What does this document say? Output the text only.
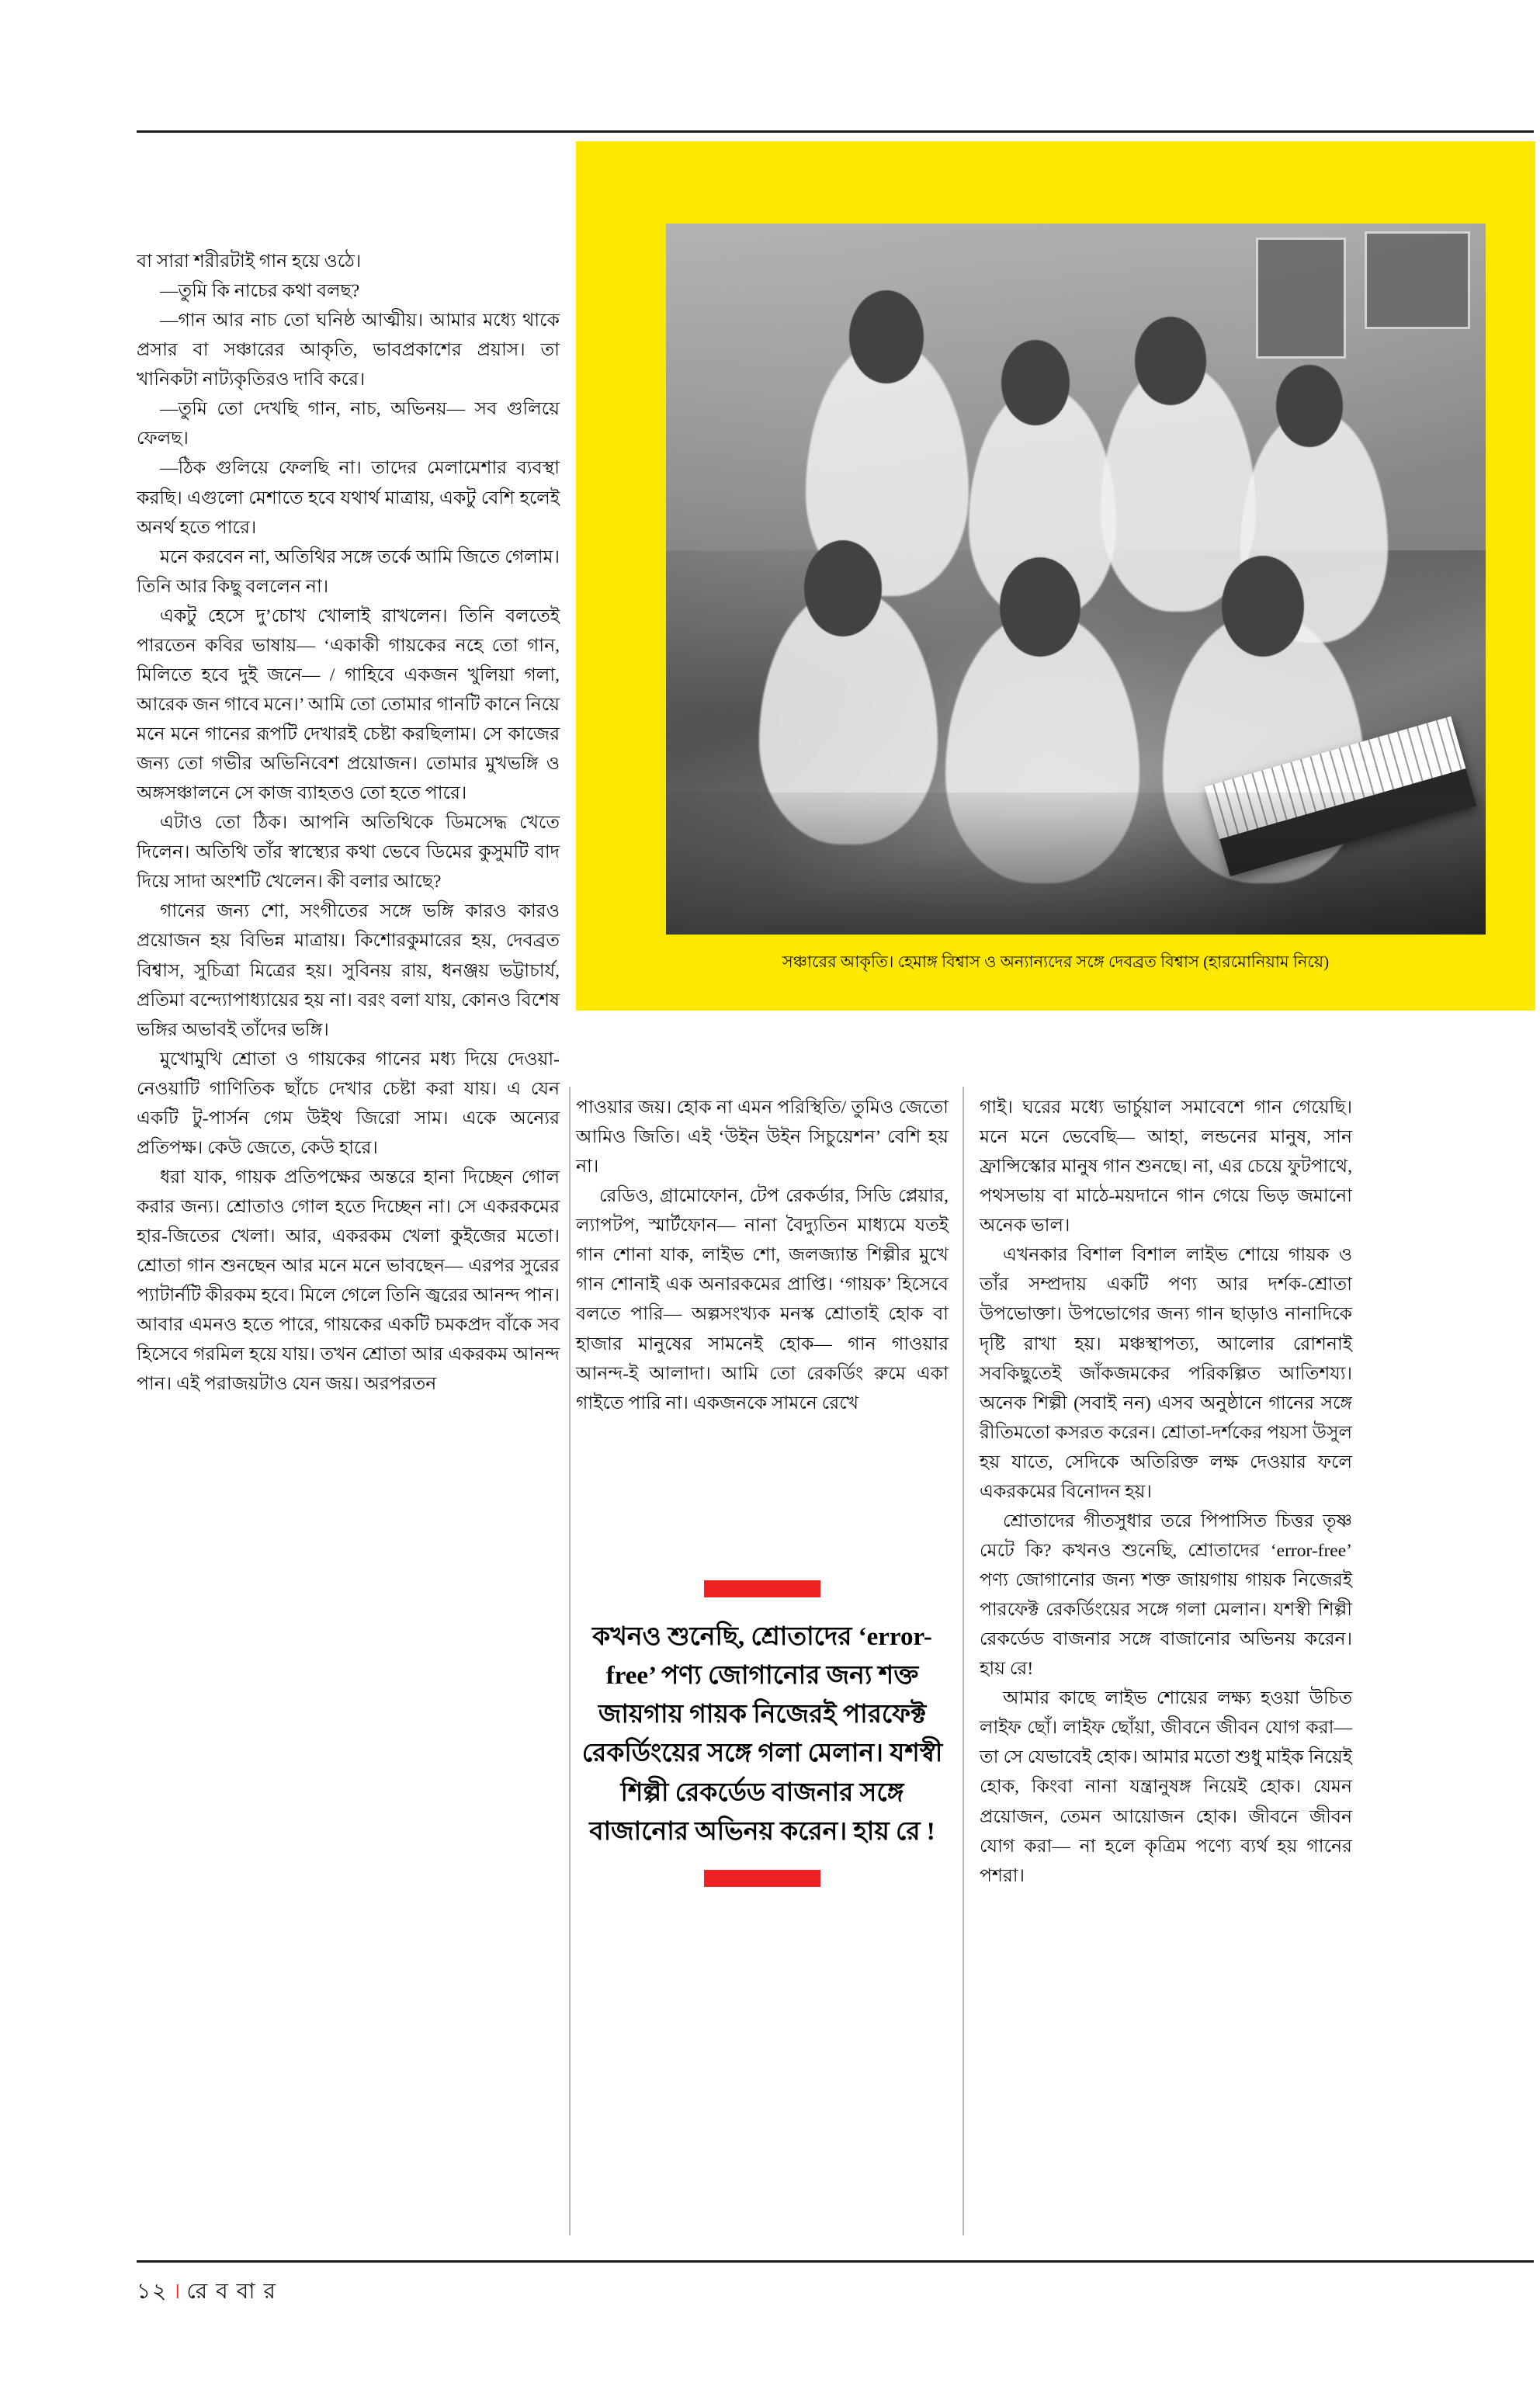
সঞ্চারের আকৃতি। হেমাঙ্গ বিশ্বাস ও অন্যান্যদের সঙ্গে দেবব্রত বিশ্বাস (হারমোনিয়াম নিয়ে)

বা সারা শরীরটাই গান হয়ে ওঠে।

—তুমি কি নাচের কথা বলছ?

—গান আর নাচ তো ঘনিষ্ঠ আত্মীয়। আমার মধ্যে থাকে প্রসার বা সঞ্চারের আকৃতি, ভাবপ্রকাশের প্রয়াস। তা খানিকটা নাট্যকৃতিরও দাবি করে।

—তুমি তো দেখছি গান, নাচ, অভিনয়— সব গুলিয়ে ফেলছ।

—ঠিক গুলিয়ে ফেলছি না। তাদের মেলামেশার ব্যবস্থা করছি। এগুলো মেশাতে হবে যথার্থ মাত্রায়, একটু বেশি হলেই অনর্থ হতে পারে।

মনে করবেন না, অতিথির সঙ্গে তর্কে আমি জিতে গেলাম। তিনি আর কিছু বললেন না।

একটু হেসে দু’চোখ খোলাই রাখলেন। তিনি বলতেই পারতেন কবির ভাষায়— ‘একাকী গায়কের নহে তো গান, মিলিতে হবে দুই জনে— / গাহিবে একজন খুলিয়া গলা, আরেক জন গাবে মনে।’ আমি তো তোমার গানটি কানে নিয়ে মনে মনে গানের রূপটি দেখারই চেষ্টা করছিলাম। সে কাজের জন্য তো গভীর অভিনিবেশ প্রয়োজন। তোমার মুখভঙ্গি ও অঙ্গসঞ্চালনে সে কাজ ব্যাহতও তো হতে পারে।

এটাও তো ঠিক। আপনি অতিথিকে ডিমসেদ্ধ খেতে দিলেন। অতিথি তাঁর স্বাস্থ্যের কথা ভেবে ডিমের কুসুমটি বাদ দিয়ে সাদা অংশটি খেলেন। কী বলার আছে?

গানের জন্য শো, সংগীতের সঙ্গে ভঙ্গি কারও কারও প্রয়োজন হয় বিভিন্ন মাত্রায়। কিশোরকুমারের হয়, দেবব্রত বিশ্বাস, সুচিত্রা মিত্রের হয়। সুবিনয় রায়, ধনঞ্জয় ভট্টাচার্য, প্রতিমা বন্দ্যোপাধ্যায়ের হয় না। বরং বলা যায়, কোনও বিশেষ ভঙ্গির অভাবই তাঁদের ভঙ্গি।

মুখোমুখি শ্রোতা ও গায়কের গানের মধ্য দিয়ে দেওয়া-নেওয়াটি গাণিতিক ছাঁচে দেখার চেষ্টা করা যায়। এ যেন একটি টু-পার্সন গেম উইথ জিরো সাম। একে অন্যের প্রতিপক্ষ। কেউ জেতে, কেউ হারে।

ধরা যাক, গায়ক প্রতিপক্ষের অন্তরে হানা দিচ্ছেন গোল করার জন্য। শ্রোতাও গোল হতে দিচ্ছেন না। সে একরকমের হার-জিতের খেলা। আর, একরকম খেলা কুইজের মতো। শ্রোতা গান শুনছেন আর মনে মনে ভাবছেন— এরপর সুরের প্যাটার্নটি কীরকম হবে। মিলে গেলে তিনি জ্বরের আনন্দ পান। আবার এমনও হতে পারে, গায়কের একটি চমকপ্রদ বাঁকে সব হিসেবে গরমিল হয়ে যায়। তখন শ্রোতা আর একরকম আনন্দ পান। এই পরাজয়টাও যেন জয়। অরপরতন

পাওয়ার জয়। হোক না এমন পরিস্থিতি/ তুমিও জেতো আমিও জিতি। এই ‘উইন উইন সিচুয়েশন’ বেশি হয় না।

রেডিও, গ্রামোফোন, টেপ রেকর্ডার, সিডি প্লেয়ার, ল্যাপটপ, স্মার্টফোন— নানা বৈদ্যুতিন মাধ্যমে যতই গান শোনা যাক, লাইভ শো, জলজ্যান্ত শিল্পীর মুখে গান শোনাই এক অনারকমের প্রাপ্তি। ‘গায়ক’ হিসেবে বলতে পারি— অল্পসংখ্যক মনস্ক শ্রোতাই হোক বা হাজার মানুষের সামনেই হোক— গান গাওয়ার আনন্দ-ই আলাদা। আমি তো রেকর্ডিং রুমে একা গাইতে পারি না। একজনকে সামনে রেখে

কখনও শুনেছি, শ্রোতাদের ‘error-free’ পণ্য জোগানোর জন্য শক্ত জায়গায় গায়ক নিজেরই পারফেক্ট রেকর্ডিংয়ের সঙ্গে গলা মেলান। যশস্বী শিল্পী রেকর্ডেড বাজনার সঙ্গে বাজানোর অভিনয় করেন। হায় রে !

গাই। ঘরের মধ্যে ভার্চুয়াল সমাবেশে গান গেয়েছি। মনে মনে ভেবেছি— আহা, লন্ডনের মানুষ, সান ফ্রান্সিস্কোর মানুষ গান শুনছে। না, এর চেয়ে ফুটপাথে, পথসভায় বা মাঠে-ময়দানে গান গেয়ে ভিড় জমানো অনেক ভাল।

এখনকার বিশাল বিশাল লাইভ শোয়ে গায়ক ও তাঁর সম্প্রদায় একটি পণ্য আর দর্শক-শ্রোতা উপভোক্তা। উপভোগের জন্য গান ছাড়াও নানাদিকে দৃষ্টি রাখা হয়। মঞ্চস্থাপত্য, আলোর রোশনাই সবকিছুতেই জাঁকজমকের পরিকল্পিত আতিশয্য। অনেক শিল্পী (সবাই নন) এসব অনুষ্ঠানে গানের সঙ্গে রীতিমতো কসরত করেন। শ্রোতা-দর্শকের পয়সা উসুল হয় যাতে, সেদিকে অতিরিক্ত লক্ষ দেওয়ার ফলে একরকমের বিনোদন হয়।

শ্রোতাদের গীতসুধার তরে পিপাসিত চিত্তর তৃষ্ণ মেটে কি? কখনও শুনেছি, শ্রোতাদের ‘error-free’ পণ্য জোগানোর জন্য শক্ত জায়গায় গায়ক নিজেরই পারফেক্ট রেকর্ডিংয়ের সঙ্গে গলা মেলান। যশস্বী শিল্পী রেকর্ডেড বাজনার সঙ্গে বাজানোর অভিনয় করেন। হায় রে!

আমার কাছে লাইভ শোয়ের লক্ষ্য হওয়া উচিত লাইফ ছোঁ। লাইফ ছোঁয়া, জীবনে জীবন যোগ করা— তা সে যেভাবেই হোক। আমার মতো শুধু মাইক নিয়েই হোক, কিংবা নানা যন্ত্রানুষঙ্গ নিয়েই হোক। যেমন প্রয়োজন, তেমন আয়োজন হোক। জীবনে জীবন যোগ করা— না হলে কৃত্রিম পণ্যে ব্যর্থ হয় গানের পশরা।

১২ । রে ব বা র
